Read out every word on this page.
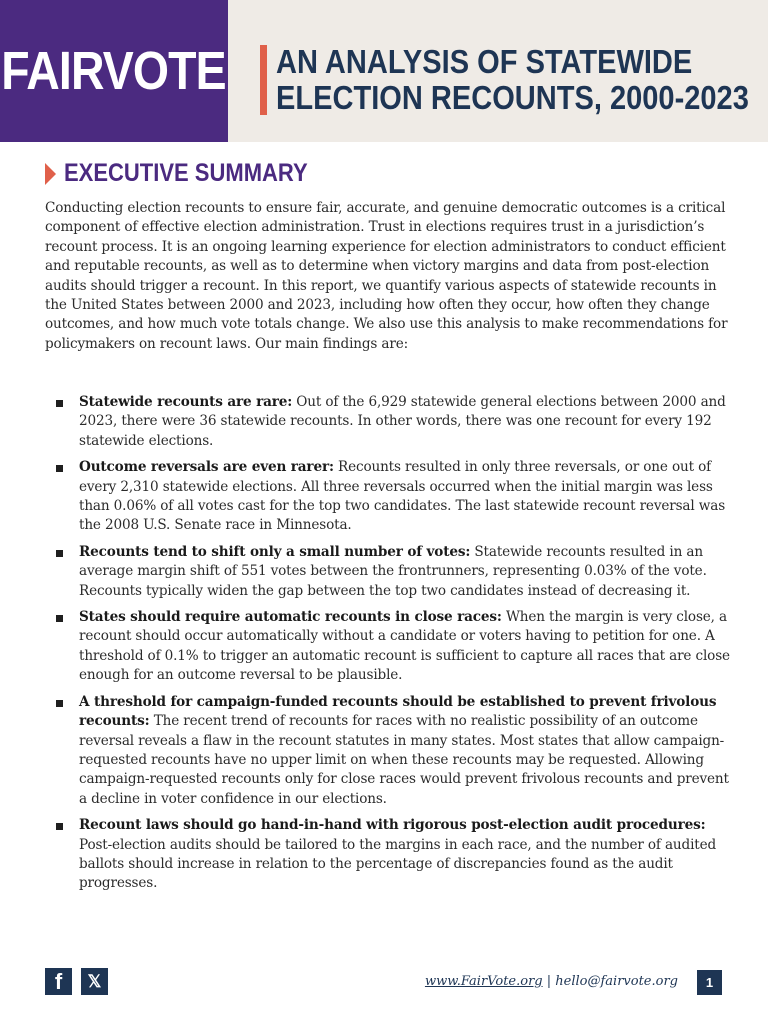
FAIRVOTE AN ANALYSIS OF STATEWIDE
ELECTION RECOUNTS, 2000-2023
EXECUTIVE SUMMARY

Conducting election recounts to ensure fair, accurate, and genuine democratic outcomes is a critical component of effective election administration. Trust in elections requires trust in a jurisdiction’s recount process. It is an ongoing learning experience for election administrators to conduct efficient and reputable recounts, as well as to determine when victory margins and data from post-election audits should trigger a recount. In this report, we quantify various aspects of statewide recounts in the United States between 2000 and 2023, including how often they occur, how often they change outcomes, and how much vote totals change. We also use this analysis to make recommendations for policymakers on recount laws. Our main findings are:

Statewide recounts are rare: Out of the 6,929 statewide general elections between 2000 and 2023, there were 36 statewide recounts. In other words, there was one recount for every 192 statewide elections.
Outcome reversals are even rarer: Recounts resulted in only three reversals, or one out of every 2,310 statewide elections. All three reversals occurred when the initial margin was less than 0.06% of all votes cast for the top two candidates. The last statewide recount reversal was the 2008 U.S. Senate race in Minnesota.
Recounts tend to shift only a small number of votes: Statewide recounts resulted in an average margin shift of 551 votes between the frontrunners, representing 0.03% of the vote. Recounts typically widen the gap between the top two candidates instead of decreasing it.
States should require automatic recounts in close races: When the margin is very close, a recount should occur automatically without a candidate or voters having to petition for one. A threshold of 0.1% to trigger an automatic recount is sufficient to capture all races that are close enough for an outcome reversal to be plausible.
A threshold for campaign-funded recounts should be established to prevent frivolous recounts: The recent trend of recounts for races with no realistic possibility of an outcome reversal reveals a flaw in the recount statutes in many states. Most states that allow campaign-requested recounts have no upper limit on when these recounts may be requested. Allowing campaign-requested recounts only for close races would prevent frivolous recounts and prevent a decline in voter confidence in our elections.
Recount laws should go hand-in-hand with rigorous post-election audit procedures: Post-election audits should be tailored to the margins in each race, and the number of audited ballots should increase in relation to the percentage of discrepancies found as the audit progresses.
f	𝕏	www.FairVote.org | hello@fairvote.org	1
